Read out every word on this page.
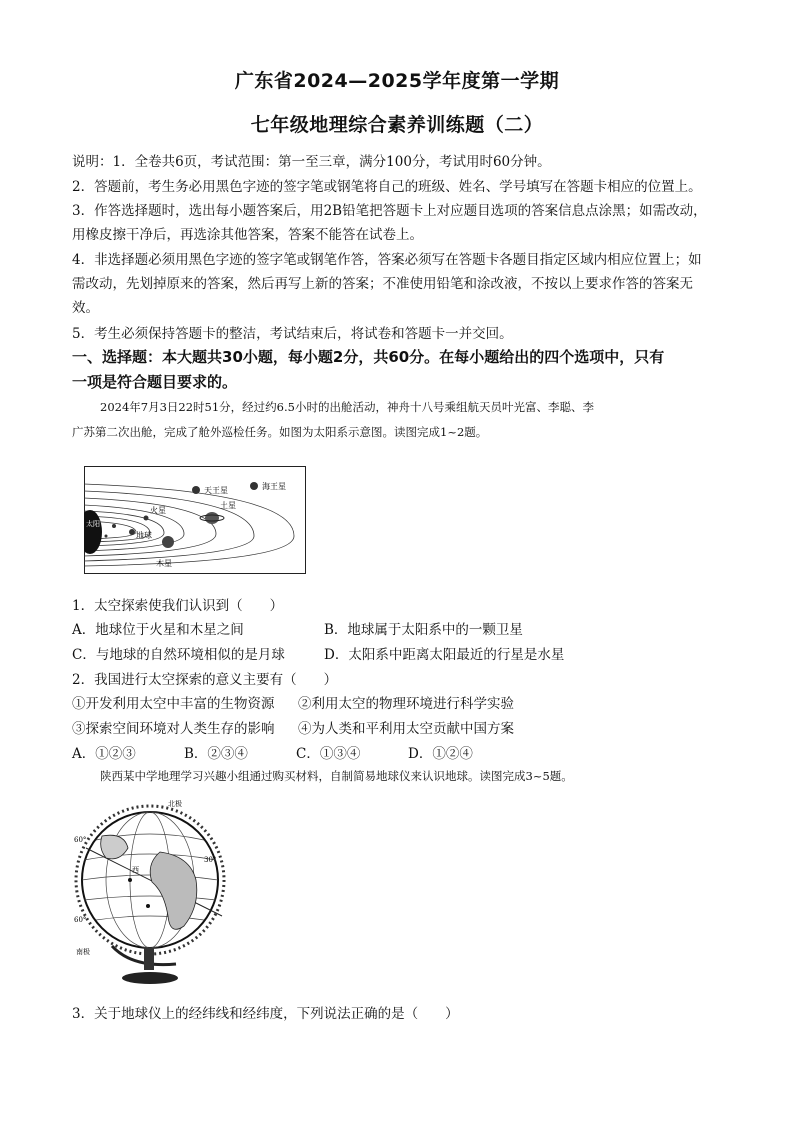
广东省2024—2025学年度第一学期
七年级地理综合素养训练题（二）
说明：1．全卷共6页，考试范围：第一至三章，满分100分，考试用时60分钟。
2．答题前，考生务必用黑色字迹的签字笔或钢笔将自己的班级、姓名、学号填写在答题卡相应的位置上。
3．作答选择题时，选出每小题答案后，用2B铅笔把答题卡上对应题目选项的答案信息点涂黑；如需改动，
用橡皮擦干净后，再选涂其他答案，答案不能答在试卷上。
4．非选择题必须用黑色字迹的签字笔或钢笔作答，答案必须写在答题卡各题目指定区域内相应位置上；如
需改动，先划掉原来的答案，然后再写上新的答案；不准使用铅笔和涂改液，不按以上要求作答的答案无
效。
5．考生必须保持答题卡的整洁，考试结束后，将试卷和答题卡一并交回。
一、选择题：本大题共30小题，每小题2分，共60分。在每小题给出的四个选项中，只有
一项是符合题目要求的。
2024年7月3日22时51分，经过约6.5小时的出舱活动，神舟十八号乘组航天员叶光富、李聪、李
广苏第二次出舱，完成了舱外巡检任务。如图为太阳系示意图。读图完成1~2题。
太阳
天王星	海王星
土星
木星
火星
地球
1．太空探索使我们认识到（　　）
A．地球位于火星和木星之间	B．地球属于太阳系中的一颗卫星
C．与地球的自然环境相似的是月球	D．太阳系中距离太阳最近的行星是水星
2．我国进行太空探索的意义主要有（　　）
①开发利用太空中丰富的生物资源 ②利用太空的物理环境进行科学实验
③探索空间环境对人类生存的影响 ④为人类和平利用太空贡献中国方案
A．①②③	B．②③④	C．①③④	D．①②④
陕西某中学地理学习兴趣小组通过购买材料，自制简易地球仪来认识地球。读图完成3~5题。
北极
南极
西
60°
60°
30°
3．关于地球仪上的经纬线和经纬度，下列说法正确的是（　　）
